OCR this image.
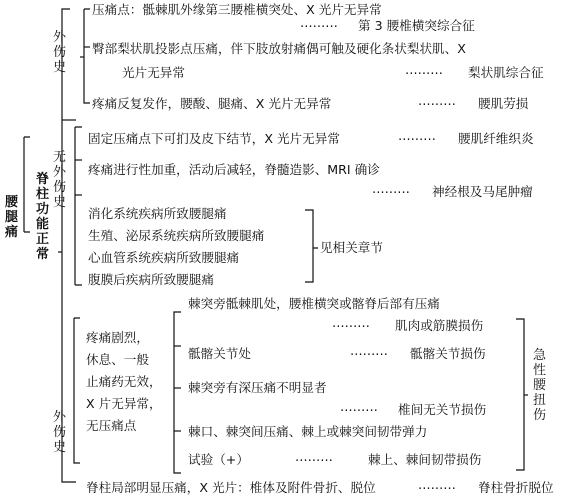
腰腿痛
脊柱功能正常
外伤史
无外伤史
外伤史
急性腰扭伤
压痛点：骶棘肌外缘第三腰椎横突处、X 光片无异常
⋯⋯⋯ 第 3 腰椎横突综合征
臀部梨状肌投影点压痛，伴下肢放射痛偶可触及硬化条状梨状肌、X
光片无异常	⋯⋯⋯ 梨状肌综合征
疼痛反复发作，腰酸、腿痛、X 光片无异常	⋯⋯⋯ 腰肌劳损
固定压痛点下可扪及皮下结节，X 光片无异常	⋯⋯⋯ 腰肌纤维织炎
疼痛进行性加重，活动后减轻，脊髓造影、MRI 确诊
⋯⋯⋯ 神经根及马尾肿瘤
消化系统疾病所致腰腿痛
生殖、泌尿系统疾病所致腰腿痛
心血管系统疾病所致腰腿痛
腹膜后疾病所致腰腿痛
见相关章节
棘突旁骶棘肌处，腰椎横突或髂脊后部有压痛
⋯⋯⋯ 肌肉或筋膜损伤
疼痛剧烈，
休息、一般
止痛药无效，
X 片无异常，
无压痛点
骶髂关节处	⋯⋯⋯ 骶髂关节损伤
棘突旁有深压痛不明显者
⋯⋯⋯ 椎间无关节损伤
棘口、棘突间压痛、棘上或棘突间韧带弹力
试验（+）	⋯⋯⋯	棘上、棘间韧带损伤
脊柱局部明显压痛，X 光片：椎体及附件骨折、脱位	⋯⋯⋯ 脊柱骨折脱位
